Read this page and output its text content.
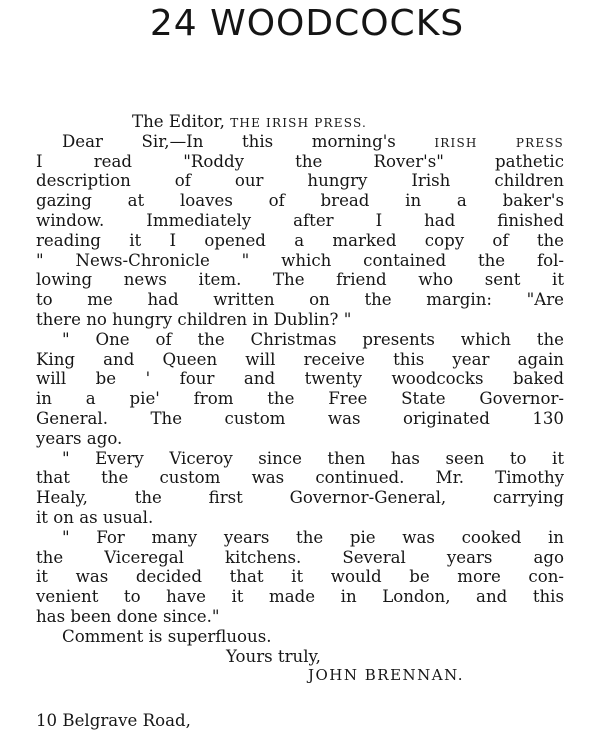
24 WOODCOCKS
The Editor, THE IRISH PRESS.
Dear Sir,—In this morning's IRISH PRESS
I read "Roddy the Rover's" pathetic
description of our hungry Irish children
gazing at loaves of bread in a baker's
window. Immediately after I had finished
reading it I opened a marked copy of the
" News-Chronicle " which contained the fol-
lowing news item. The friend who sent it
to me had written on the margin: "Are
there no hungry children in Dublin? "
" One of the Christmas presents which the
King and Queen will receive this year again
will be ' four and twenty woodcocks baked
in a pie' from the Free State Governor-
General. The custom was originated 130
years ago.
" Every Viceroy since then has seen to it
that the custom was continued. Mr. Timothy
Healy, the first Governor-General, carrying
it on as usual.
" For many years the pie was cooked in
the Viceregal kitchens. Several years ago
it was decided that it would be more con-
venient to have it made in London, and this
has been done since."
Comment is superfluous.
Yours truly,
JOHN BRENNAN.
10 Belgrave Road,
